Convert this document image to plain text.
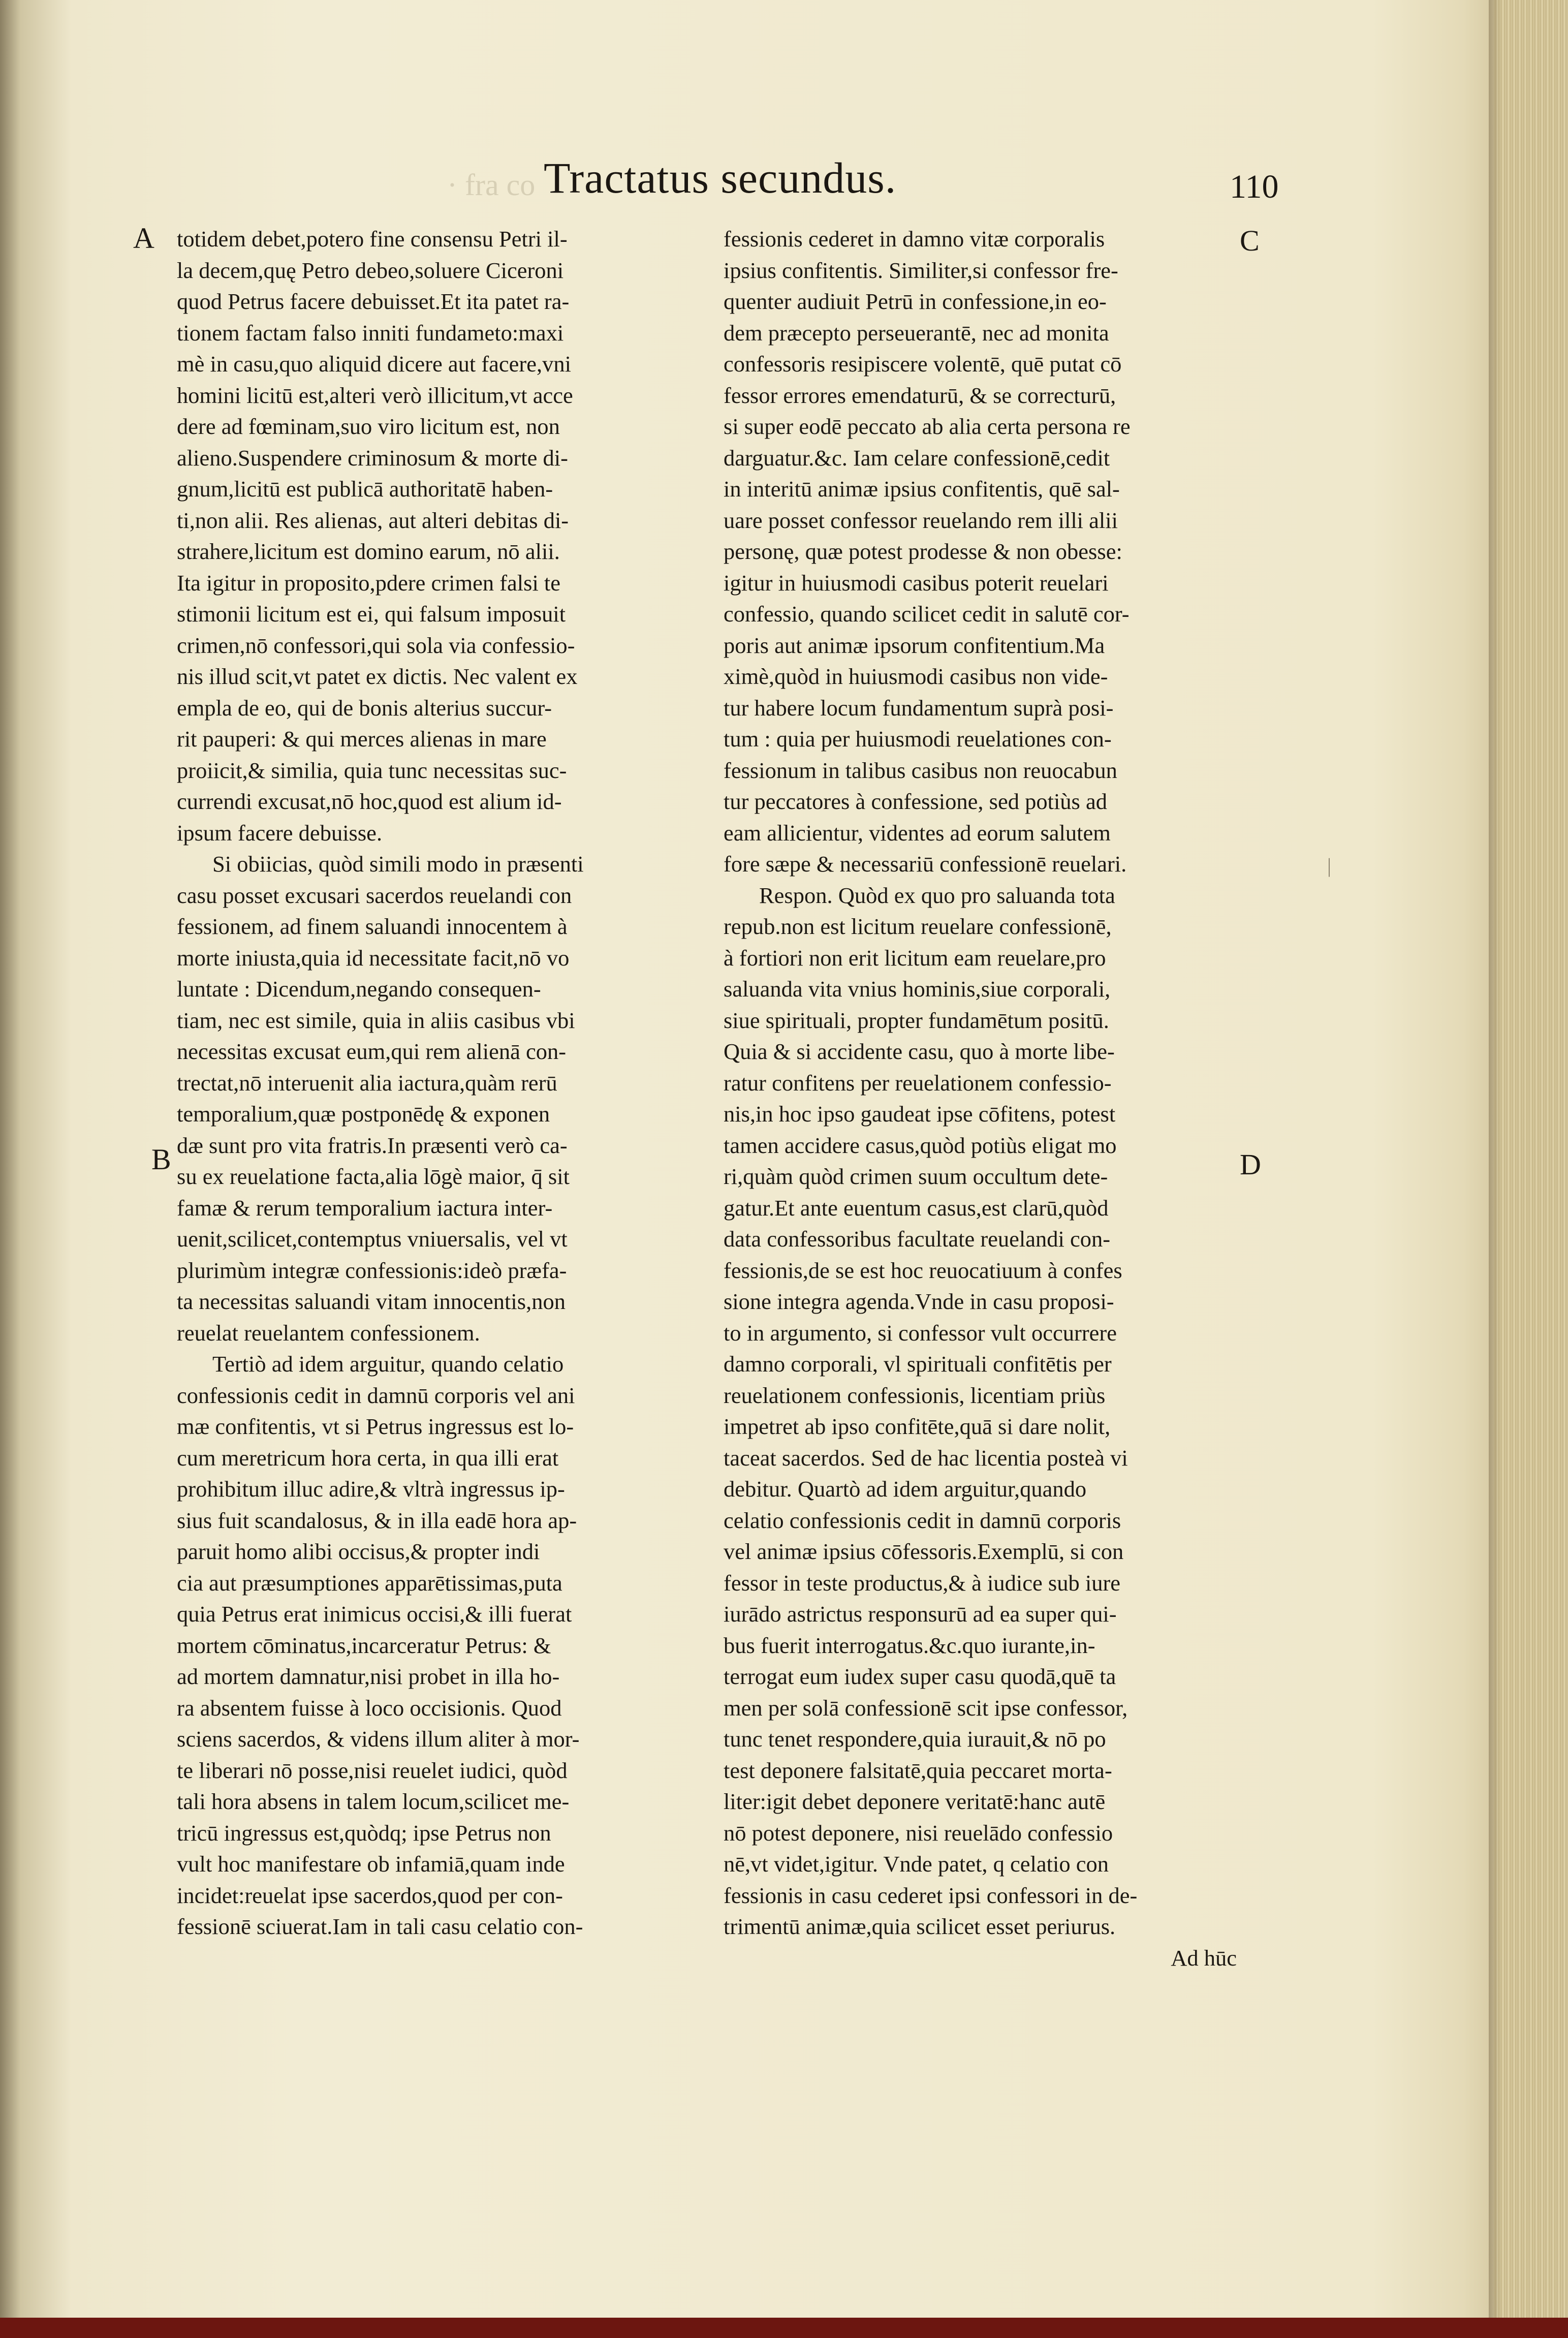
· fra co Tractatus secundus.	110
A
B
C
D
|
totidem debet,potero fine consensu Petri il-
la decem,quę Petro debeo,soluere Ciceroni
quod Petrus facere debuisset.Et ita patet ra-
tionem factam falso inniti fundameto:maxi
mè in casu,quo aliquid dicere aut facere,vni
homini licitū est,alteri verò illicitum,vt acce
dere ad fœminam,suo viro licitum est, non
alieno.Suspendere criminosum & morte di-
gnum,licitū est publicā authoritatē haben-
ti,non alii. Res alienas, aut alteri debitas di-
strahere,licitum est domino earum, nō alii.
Ita igitur in proposito,pdere crimen falsi te
stimonii licitum est ei, qui falsum imposuit
crimen,nō confessori,qui sola via confessio-
nis illud scit,vt patet ex dictis. Nec valent ex
empla de eo, qui de bonis alterius succur-
rit pauperi: & qui merces alienas in mare
proiicit,& similia, quia tunc necessitas suc-
currendi excusat,nō hoc,quod est alium id-
ipsum facere debuisse.
Si obiicias, quòd simili modo in præsenti
casu posset excusari sacerdos reuelandi con
fessionem, ad finem saluandi innocentem à
morte iniusta,quia id necessitate facit,nō vo
luntate : Dicendum,negando consequen-
tiam, nec est simile, quia in aliis casibus vbi
necessitas excusat eum,qui rem alienā con-
trectat,nō interuenit alia iactura,quàm rerū
temporalium,quæ postponēdę & exponen
dæ sunt pro vita fratris.In præsenti verò ca-
su ex reuelatione facta,alia lōgè maior, q̄ sit
famæ & rerum temporalium iactura inter-
uenit,scilicet,contemptus vniuersalis, vel vt
plurimùm integræ confessionis:ideò præfa-
ta necessitas saluandi vitam innocentis,non
reuelat reuelantem confessionem.
Tertiò ad idem arguitur, quando celatio
confessionis cedit in damnū corporis vel ani
mæ confitentis, vt si Petrus ingressus est lo-
cum meretricum hora certa, in qua illi erat
prohibitum illuc adire,& vltrà ingressus ip-
sius fuit scandalosus, & in illa eadē hora ap-
paruit homo alibi occisus,& propter indi
cia aut præsumptiones apparētissimas,puta
quia Petrus erat inimicus occisi,& illi fuerat
mortem cōminatus,incarceratur Petrus: &
ad mortem damnatur,nisi probet in illa ho-
ra absentem fuisse à loco occisionis. Quod
sciens sacerdos, & videns illum aliter à mor-
te liberari nō posse,nisi reuelet iudici, quòd
tali hora absens in talem locum,scilicet me-
tricū ingressus est,quòdq; ipse Petrus non
vult hoc manifestare ob infamiā,quam inde
incidet:reuelat ipse sacerdos,quod per con-
fessionē sciuerat.Iam in tali casu celatio con-
fessionis cederet in damno vitæ corporalis
ipsius confitentis. Similiter,si confessor fre-
quenter audiuit Petrū in confessione,in eo-
dem præcepto perseuerantē, nec ad monita
confessoris resipiscere volentē, quē putat cō
fessor errores emendaturū, & se correcturū,
si super eodē peccato ab alia certa persona re
darguatur.&c. Iam celare confessionē,cedit
in interitū animæ ipsius confitentis, quē sal-
uare posset confessor reuelando rem illi alii
personę, quæ potest prodesse & non obesse:
igitur in huiusmodi casibus poterit reuelari
confessio, quando scilicet cedit in salutē cor-
poris aut animæ ipsorum confitentium.Ma
ximè,quòd in huiusmodi casibus non vide-
tur habere locum fundamentum suprà posi-
tum : quia per huiusmodi reuelationes con-
fessionum in talibus casibus non reuocabun
tur peccatores à confessione, sed potiùs ad
eam allicientur, videntes ad eorum salutem
fore sæpe & necessariū confessionē reuelari.
Respon. Quòd ex quo pro saluanda tota
repub.non est licitum reuelare confessionē,
à fortiori non erit licitum eam reuelare,pro
saluanda vita vnius hominis,siue corporali,
siue spirituali, propter fundamētum positū.
Quia & si accidente casu, quo à morte libe-
ratur confitens per reuelationem confessio-
nis,in hoc ipso gaudeat ipse cōfitens, potest
tamen accidere casus,quòd potiùs eligat mo
ri,quàm quòd crimen suum occultum dete-
gatur.Et ante euentum casus,est clarū,quòd
data confessoribus facultate reuelandi con-
fessionis,de se est hoc reuocatiuum à confes
sione integra agenda.Vnde in casu proposi-
to in argumento, si confessor vult occurrere
damno corporali, vl spirituali confitētis per
reuelationem confessionis, licentiam priùs
impetret ab ipso confitēte,quā si dare nolit,
taceat sacerdos. Sed de hac licentia posteà vi
debitur. Quartò ad idem arguitur,quando
celatio confessionis cedit in damnū corporis
vel animæ ipsius cōfessoris.Exemplū, si con
fessor in teste productus,& à iudice sub iure
iurādo astrictus responsurū ad ea super qui-
bus fuerit interrogatus.&c.quo iurante,in-
terrogat eum iudex super casu quodā,quē ta
men per solā confessionē scit ipse confessor,
tunc tenet respondere,quia iurauit,& nō po
test deponere falsitatē,quia peccaret morta-
liter:igit debet deponere veritatē:hanc autē
nō potest deponere, nisi reuelādo confessio
nē,vt videt,igitur. Vnde patet, q celatio con
fessionis in casu cederet ipsi confessori in de-
trimentū animæ,quia scilicet esset periurus.
Ad hūc
